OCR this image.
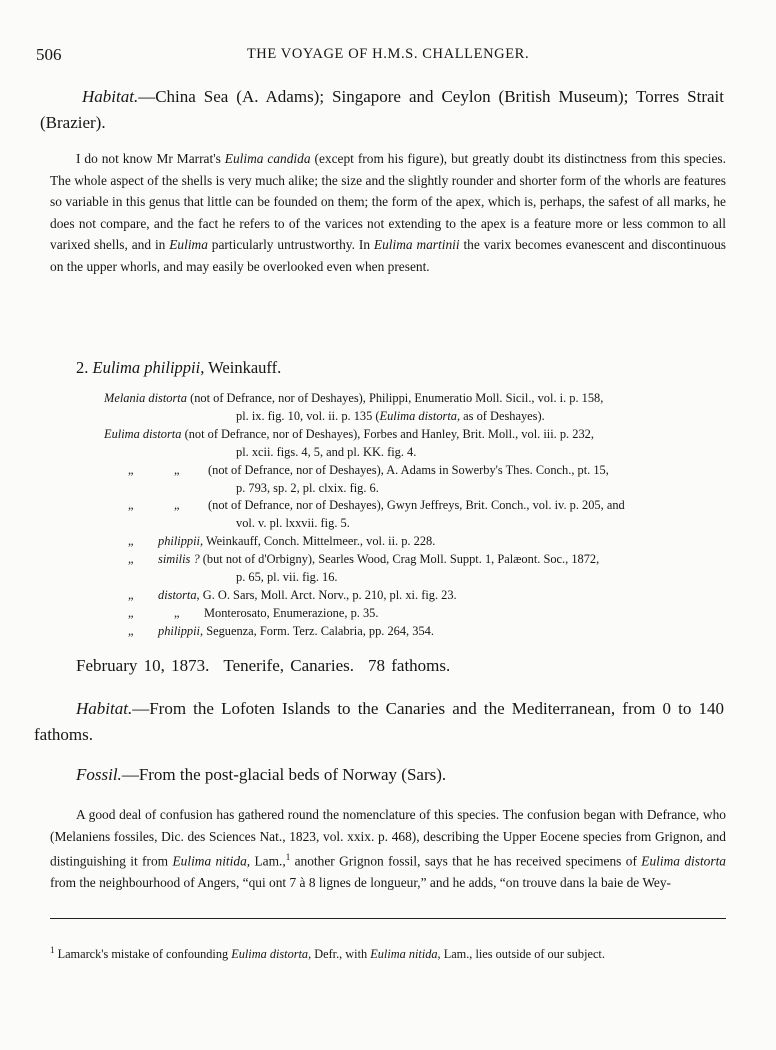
506	THE VOYAGE OF H.M.S. CHALLENGER.

Habitat.—China Sea (A. Adams); Singapore and Ceylon (British Museum); Torres Strait (Brazier).

I do not know Mr Marrat's Eulima candida (except from his figure), but greatly doubt its distinctness from this species. The whole aspect of the shells is very much alike; the size and the slightly rounder and shorter form of the whorls are features so variable in this genus that little can be founded on them; the form of the apex, which is, perhaps, the safest of all marks, he does not compare, and the fact he refers to of the varices not extending to the apex is a feature more or less common to all varixed shells, and in Eulima particularly untrustworthy. In Eulima martinii the varix becomes evanescent and discontinuous on the upper whorls, and may easily be overlooked even when present.

2. Eulima philippii, Weinkauff.
Melania distorta (not of Defrance, nor of Deshayes), Philippi, Enumeratio Moll. Sicil., vol. i. p. 158,
pl. ix. fig. 10, vol. ii. p. 135 (Eulima distorta, as of Deshayes).
Eulima distorta (not of Defrance, nor of Deshayes), Forbes and Hanley, Brit. Moll., vol. iii. p. 232,
pl. xcii. figs. 4, 5, and pl. KK. fig. 4.
„	„ (not of Defrance, nor of Deshayes), A. Adams in Sowerby's Thes. Conch., pt. 15,
p. 793, sp. 2, pl. clxix. fig. 6.
„	„ (not of Defrance, nor of Deshayes), Gwyn Jeffreys, Brit. Conch., vol. iv. p. 205, and
vol. v. pl. lxxvii. fig. 5.
„ philippii, Weinkauff, Conch. Mittelmeer., vol. ii. p. 228.
„ similis ? (but not of d'Orbigny), Searles Wood, Crag Moll. Suppt. 1, Palæont. Soc., 1872,
p. 65, pl. vii. fig. 16.
„ distorta, G. O. Sars, Moll. Arct. Norv., p. 210, pl. xi. fig. 23.
„	„ Monterosato, Enumerazione, p. 35.
„ philippii, Seguenza, Form. Terz. Calabria, pp. 264, 354.
February 10, 1873. Tenerife, Canaries. 78 fathoms.

Habitat.—From the Lofoten Islands to the Canaries and the Mediterranean, from 0 to 140 fathoms.

Fossil.—From the post-glacial beds of Norway (Sars).

A good deal of confusion has gathered round the nomenclature of this species. The confusion began with Defrance, who (Melaniens fossiles, Dic. des Sciences Nat., 1823, vol. xxix. p. 468), describing the Upper Eocene species from Grignon, and distinguishing it from Eulima nitida, Lam.,$^1$ another Grignon fossil, says that he has received specimens of Eulima distorta from the neighbourhood of Angers, “qui ont 7 à 8 lignes de longueur,” and he adds, “on trouve dans la baie de Wey-

$^1$ Lamarck's mistake of confounding Eulima distorta, Defr., with Eulima nitida, Lam., lies outside of our subject.
